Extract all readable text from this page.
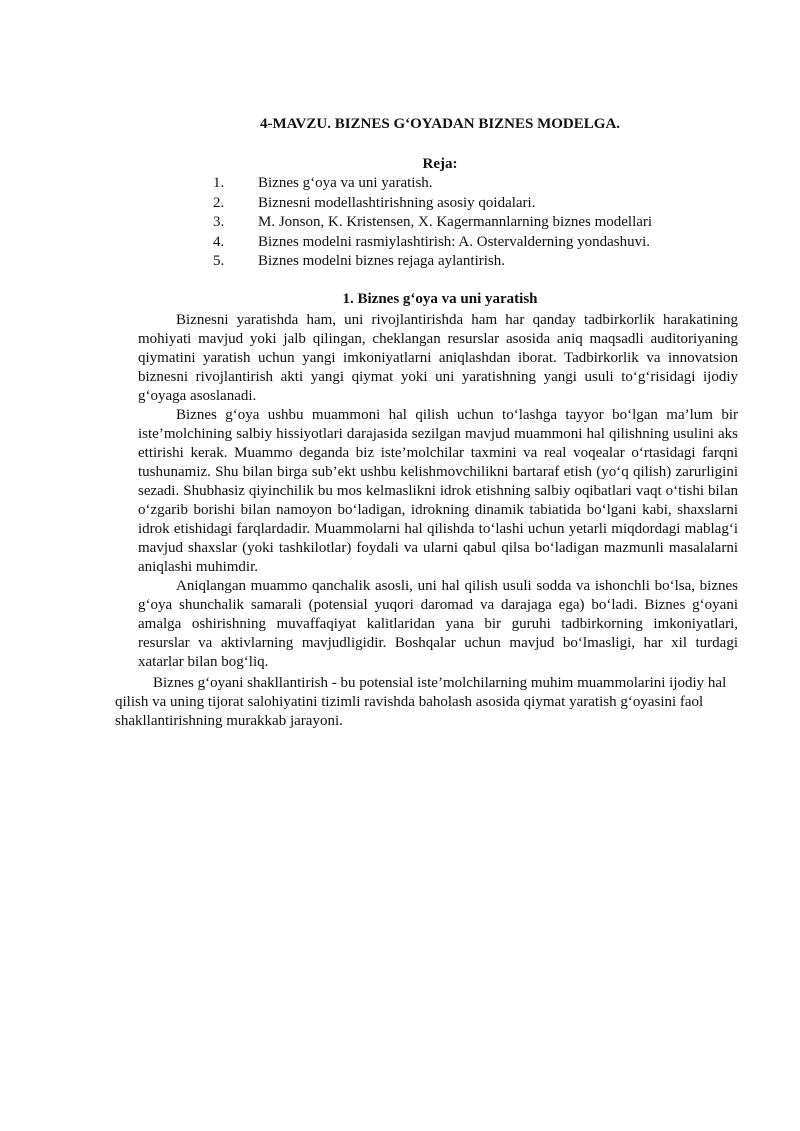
4-MAVZU. BIZNES G‘OYADAN BIZNES MODELGA.
Reja:
1.	Biznes g‘oya va uni yaratish.
2.	Biznesni modellashtirishning asosiy qoidalari.
3.	M. Jonson, K. Kristensen, X. Kagermannlarning biznes modellari
4.	Biznes modelni rasmiylashtirish: A. Ostervalderning yondashuvi.
5.	Biznes modelni biznes rejaga aylantirish.
1. Biznes g‘oya va uni yaratish

Biznesni yaratishda ham, uni rivojlantirishda ham har qanday tadbirkorlik harakatining mohiyati mavjud yoki jalb qilingan, cheklangan resurslar asosida aniq maqsadli auditoriyaning qiymatini yaratish uchun yangi imkoniyatlarni aniqlashdan iborat. Tadbirkorlik va innovatsion biznesni rivojlantirish akti yangi qiymat yoki uni yaratishning yangi usuli to‘g‘risidagi ijodiy g‘oyaga asoslanadi.

Biznes g‘oya ushbu muammoni hal qilish uchun to‘lashga tayyor bo‘lgan ma’lum bir iste’molchining salbiy hissiyotlari darajasida sezilgan mavjud muammoni hal qilishning usulini aks ettirishi kerak. Muammo deganda biz iste’molchilar taxmini va real voqealar o‘rtasidagi farqni tushunamiz. Shu bilan birga sub’ekt ushbu kelishmovchilikni bartaraf etish (yo‘q qilish) zarurligini sezadi. Shubhasiz qiyinchilik bu mos kelmaslikni idrok etishning salbiy oqibatlari vaqt o‘tishi bilan o‘zgarib borishi bilan namoyon bo‘ladigan, idrokning dinamik tabiatida bo‘lgani kabi, shaxslarni idrok etishidagi farqlardadir. Muammolarni hal qilishda to‘lashi uchun yetarli miqdordagi mablag‘i mavjud shaxslar (yoki tashkilotlar) foydali va ularni qabul qilsa bo‘ladigan mazmunli masalalarni aniqlashi muhimdir.

Aniqlangan muammo qanchalik asosli, uni hal qilish usuli sodda va ishonchli bo‘lsa, biznes g‘oya shunchalik samarali (potensial yuqori daromad va darajaga ega) bo‘ladi. Biznes g‘oyani amalga oshirishning muvaffaqiyat kalitlaridan yana bir guruhi tadbirkorning imkoniyatlari, resurslar va aktivlarning mavjudligidir. Boshqalar uchun mavjud bo‘lmasligi, har xil turdagi xatarlar bilan bog‘liq.

Biznes g‘oyani shakllantirish - bu potensial iste’molchilarning muhim muammolarini ijodiy hal qilish va uning tijorat salohiyatini tizimli ravishda baholash asosida qiymat yaratish g‘oyasini faol shakllantirishning murakkab jarayoni.
